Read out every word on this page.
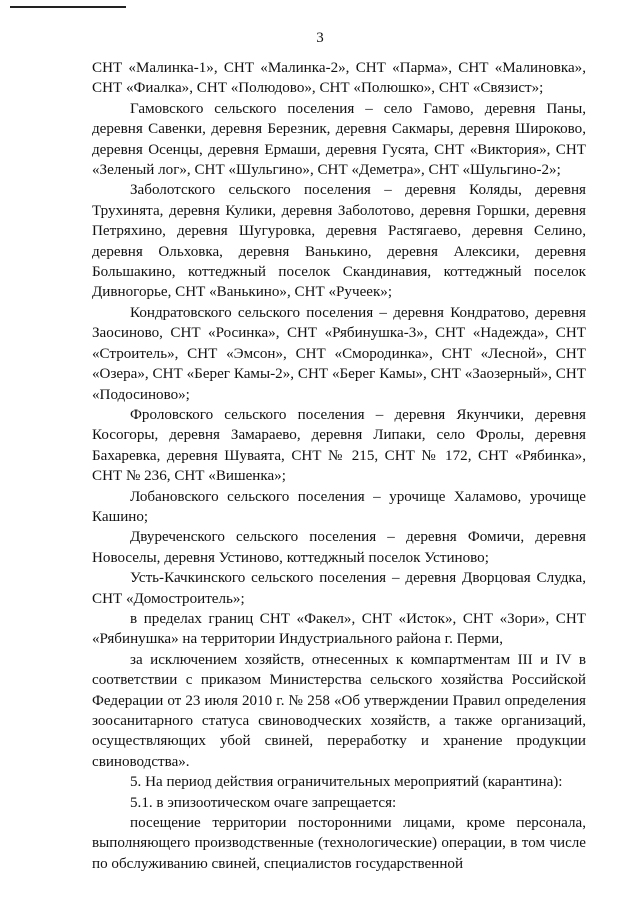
3

СНТ «Малинка-1», СНТ «Малинка-2», СНТ «Парма», СНТ «Малиновка», СНТ «Фиалка», СНТ «Полюдово», СНТ «Полюшко», СНТ «Связист»;

Гамовского сельского поселения – село Гамово, деревня Паны, деревня Савенки, деревня Березник, деревня Сакмары, деревня Широково, деревня Осенцы, деревня Ермаши, деревня Гусята, СНТ «Виктория», СНТ «Зеленый лог», СНТ «Шульгино», СНТ «Деметра», СНТ «Шульгино-2»;

Заболотского сельского поселения – деревня Коляды, деревня Трухинята, деревня Кулики, деревня Заболотово, деревня Горшки, деревня Петряхино, деревня Шугуровка, деревня Растягаево, деревня Селино, деревня Ольховка, деревня Ванькино, деревня Алексики, деревня Большакино, коттеджный поселок Скандинавия, коттеджный поселок Дивногорье, СНТ «Ванькино», СНТ «Ручеек»;

Кондратовского сельского поселения – деревня Кондратово, деревня Заосиново, СНТ «Росинка», СНТ «Рябинушка-3», СНТ «Надежда», СНТ «Строитель», СНТ «Эмсон», СНТ «Смородинка», СНТ «Лесной», СНТ «Озера», СНТ «Берег Камы-2», СНТ «Берег Камы», СНТ «Заозерный», СНТ «Подосиново»;

Фроловского сельского поселения – деревня Якунчики, деревня Косогоры, деревня Замараево, деревня Липаки, село Фролы, деревня Бахаревка, деревня Шуваята, СНТ № 215, СНТ № 172, СНТ «Рябинка», СНТ № 236, СНТ «Вишенка»;

Лобановского сельского поселения – урочище Халамово, урочище Кашино;

Двуреченского сельского поселения – деревня Фомичи, деревня Новоселы, деревня Устиново, коттеджный поселок Устиново;

Усть-Качкинского сельского поселения – деревня Дворцовая Слудка, СНТ «Домостроитель»;

в пределах границ СНТ «Факел», СНТ «Исток», СНТ «Зори», СНТ «Рябинушка» на территории Индустриального района г. Перми,

за исключением хозяйств, отнесенных к компартментам III и IV в соответствии с приказом Министерства сельского хозяйства Российской Федерации от 23 июля 2010 г. № 258 «Об утверждении Правил определения зоосанитарного статуса свиноводческих хозяйств, а также организаций, осуществляющих убой свиней, переработку и хранение продукции свиноводства».

5. На период действия ограничительных мероприятий (карантина):

5.1. в эпизоотическом очаге запрещается:

посещение территории посторонними лицами, кроме персонала, выполняющего производственные (технологические) операции, в том числе по обслуживанию свиней, специалистов государственной
